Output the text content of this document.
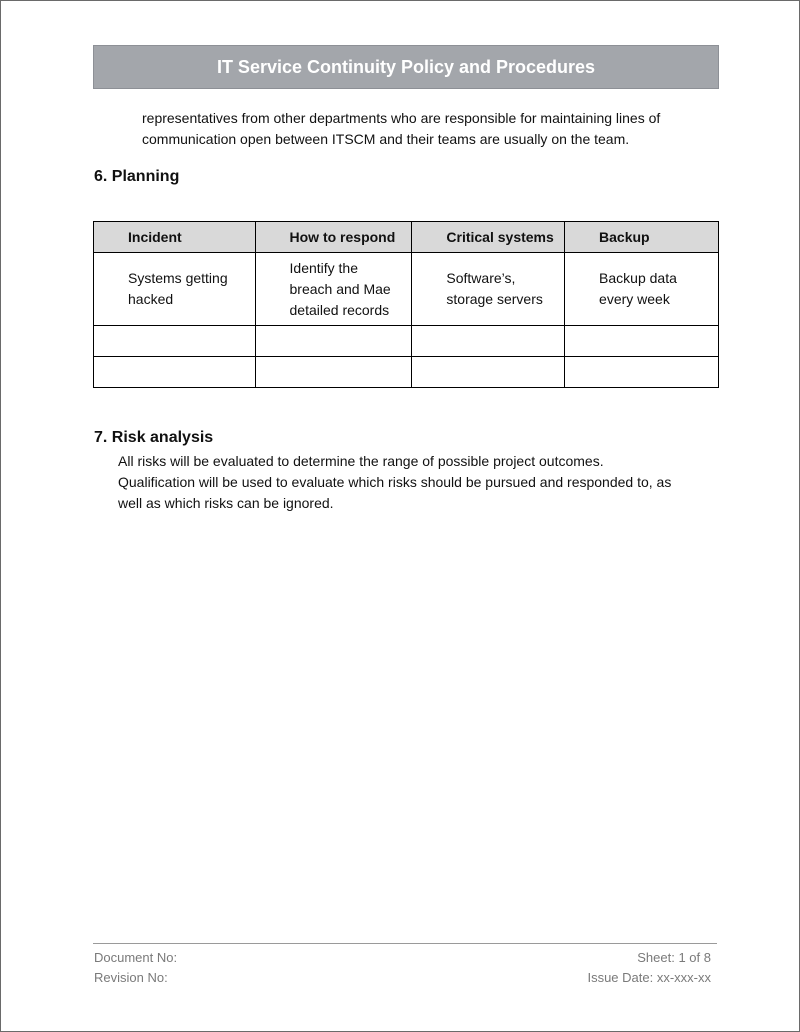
IT Service Continuity Policy and Procedures
representatives from other departments who are responsible for maintaining lines of
communication open between ITSCM and their teams are usually on the team.
6. Planning
Incident	How to respond	Critical systems	Backup

Systems getting
hacked	Identify the
breach and Mae
detailed records	Software’s,
storage servers	Backup data
every week

7. Risk analysis
All risks will be evaluated to determine the range of possible project outcomes.
Qualification will be used to evaluate which risks should be pursued and responded to, as
well as which risks can be ignored.
Document No:
Revision No:
Sheet: 1 of 8
Issue Date: xx-xxx-xx
